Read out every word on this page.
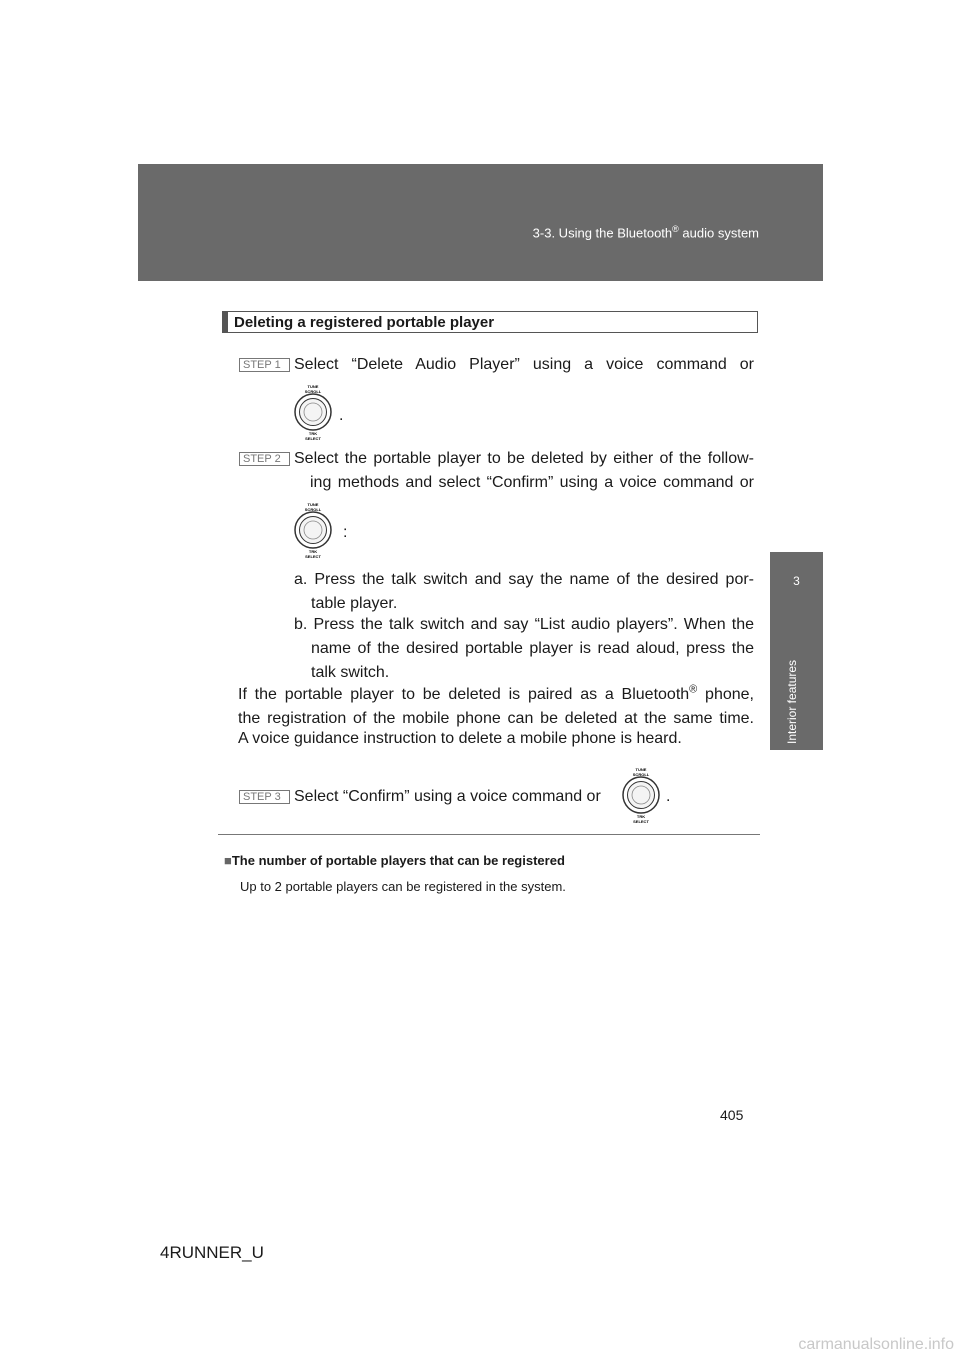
3-3. Using the Bluetooth® audio system
3
Interior features
Deleting a registered portable player
STEP 1 Select “Delete Audio Player” using a voice command or
TUNE
SCROLL
TRK
SELECT
.
STEP 2 Select the portable player to be deleted by either of the follow-
ing methods and select “Confirm” using a voice command or
TUNE
SCROLL
TRK
SELECT
:
a. Press the talk switch and say the name of the desired por-
table player.
b. Press the talk switch and say “List audio players”. When the
name of the desired portable player is read aloud, press the
talk switch.
If the portable player to be deleted is paired as a Bluetooth® phone,
the registration of the mobile phone can be deleted at the same time.
A voice guidance instruction to delete a mobile phone is heard.
STEP 3 Select “Confirm” using a voice command or
TUNE
SCROLL
TRK
SELECT
.
■The number of portable players that can be registered
Up to 2 portable players can be registered in the system.
405
4RUNNER_U
carmanualsonline.info
